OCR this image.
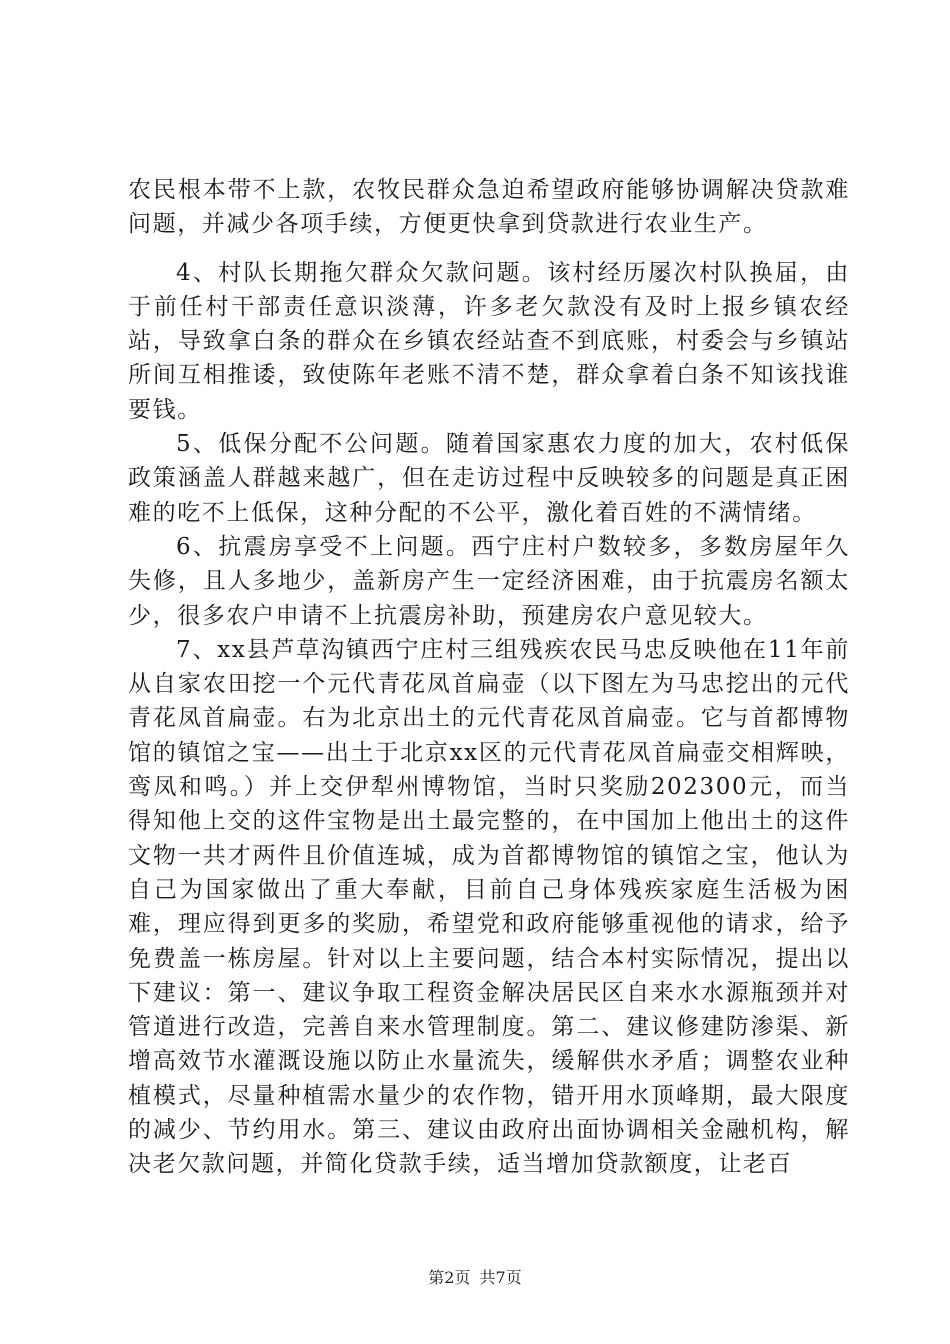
农民根本带不上款，农牧民群众急迫希望政府能够协调解决贷款难问题，并减少各项手续，方便更快拿到贷款进行农业生产。

4、村队长期拖欠群众欠款问题。该村经历屡次村队换届，由于前任村干部责任意识淡薄，许多老欠款没有及时上报乡镇农经站，导致拿白条的群众在乡镇农经站查不到底账，村委会与乡镇站所间互相推诿，致使陈年老账不清不楚，群众拿着白条不知该找谁要钱。

5、低保分配不公问题。随着国家惠农力度的加大，农村低保政策涵盖人群越来越广，但在走访过程中反映较多的问题是真正困难的吃不上低保，这种分配的不公平，激化着百姓的不满情绪。

6、抗震房享受不上问题。西宁庄村户数较多，多数房屋年久失修，且人多地少，盖新房产生一定经济困难，由于抗震房名额太少，很多农户申请不上抗震房补助，预建房农户意见较大。

7、xx县芦草沟镇西宁庄村三组残疾农民马忠反映他在11年前从自家农田挖一个元代青花凤首扁壶（以下图左为马忠挖出的元代青花凤首扁壶。右为北京出土的元代青花凤首扁壶。它与首都博物馆的镇馆之宝——出土于北京xx区的元代青花凤首扁壶交相辉映，鸾凤和鸣。）并上交伊犁州博物馆，当时只奖励202300元，而当得知他上交的这件宝物是出土最完整的，在中国加上他出土的这件文物一共才两件且价值连城，成为首都博物馆的镇馆之宝，他认为自己为国家做出了重大奉献，目前自己身体残疾家庭生活极为困难，理应得到更多的奖励，希望党和政府能够重视他的请求，给予免费盖一栋房屋。针对以上主要问题，结合本村实际情况，提出以下建议：第一、建议争取工程资金解决居民区自来水水源瓶颈并对管道进行改造，完善自来水管理制度。第二、建议修建防渗渠、新增高效节水灌溉设施以防止水量流失，缓解供水矛盾；调整农业种植模式，尽量种植需水量少的农作物，错开用水顶峰期，最大限度的减少、节约用水。第三、建议由政府出面协调相关金融机构，解决老欠款问题，并简化贷款手续，适当增加贷款额度，让老百

第2页 共7页
